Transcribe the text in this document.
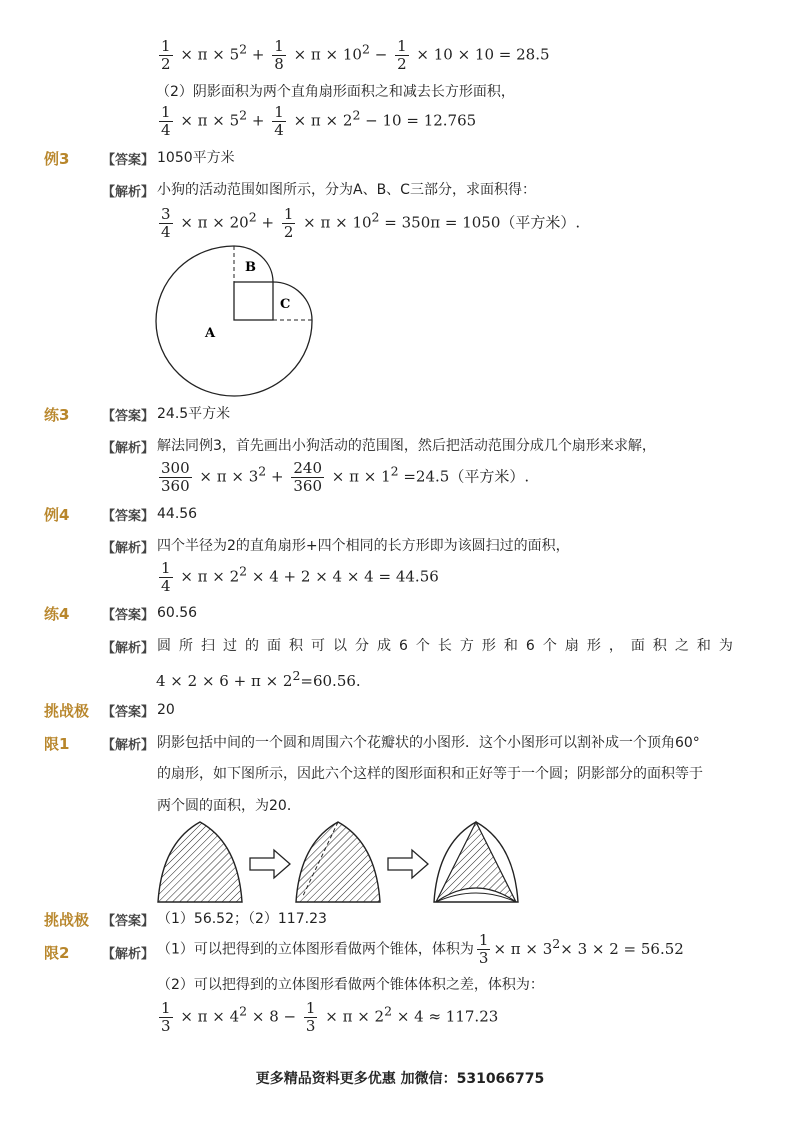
$\frac{1}{2} \times \pi \times 5^2 + \frac{1}{8} \times \pi \times 10^2 - \frac{1}{2} \times 10 \times 10 = 28.5$
（2）阴影面积为两个直角扇形面积之和减去长方形面积，
$\frac{1}{4} \times \pi \times 5^2 + \frac{1}{4} \times \pi \times 2^2 - 10 = 12.765$
例3	【答案】 1050平方米
【解析】 小狗的活动范围如图所示，分为A、B、C三部分，求面积得：
$\frac{3}{4} \times \pi \times 20^2 + \frac{1}{2} \times \pi \times 10^2 = 350\pi = 1050$（平方米）.
B
C
A
练3	【答案】 24.5平方米
【解析】 解法同例3，首先画出小狗活动的范围图，然后把活动范围分成几个扇形来求解，
$\frac{300}{360} \times \pi \times 3^2 + \frac{240}{360} \times \pi \times 1^2 =24.5$（平方米）.
例4	【答案】 44.56
【解析】 四个半径为2的直角扇形+四个相同的长方形即为该圆扫过的面积，
$\frac{1}{4} \times \pi \times 2^2 \times 4 + 2 \times 4 \times 4 = 44.56$
练4	【答案】 60.56
【解析】 圆所扫过的面积可以分成6个长方形和6个扇形，面积之和为
$4 \times 2 \times 6 + \pi \times 2^2=60.56$.
挑战极
限1
【答案】 20
【解析】 阴影包括中间的一个圆和周围六个花瓣状的小图形．这个小图形可以割补成一个顶角60°
的扇形，如下图所示，因此六个这样的图形面积和正好等于一个圆；阴影部分的面积等于
两个圆的面积，为20．
挑战极
限2
【答案】 （1）56.52；（2）117.23
【解析】 （1）可以把得到的立体图形看做两个锥体，体积为 $\frac{1}{3} \times \pi \times 3^2\times 3 \times 2 = 56.52$
（2）可以把得到的立体图形看做两个锥体体积之差，体积为：
$\frac{1}{3} \times \pi \times 4^2 \times 8 - \frac{1}{3} \times \pi \times 2^2 \times 4 \approx 117.23$
更多精品资料更多优惠 加微信：531066775
